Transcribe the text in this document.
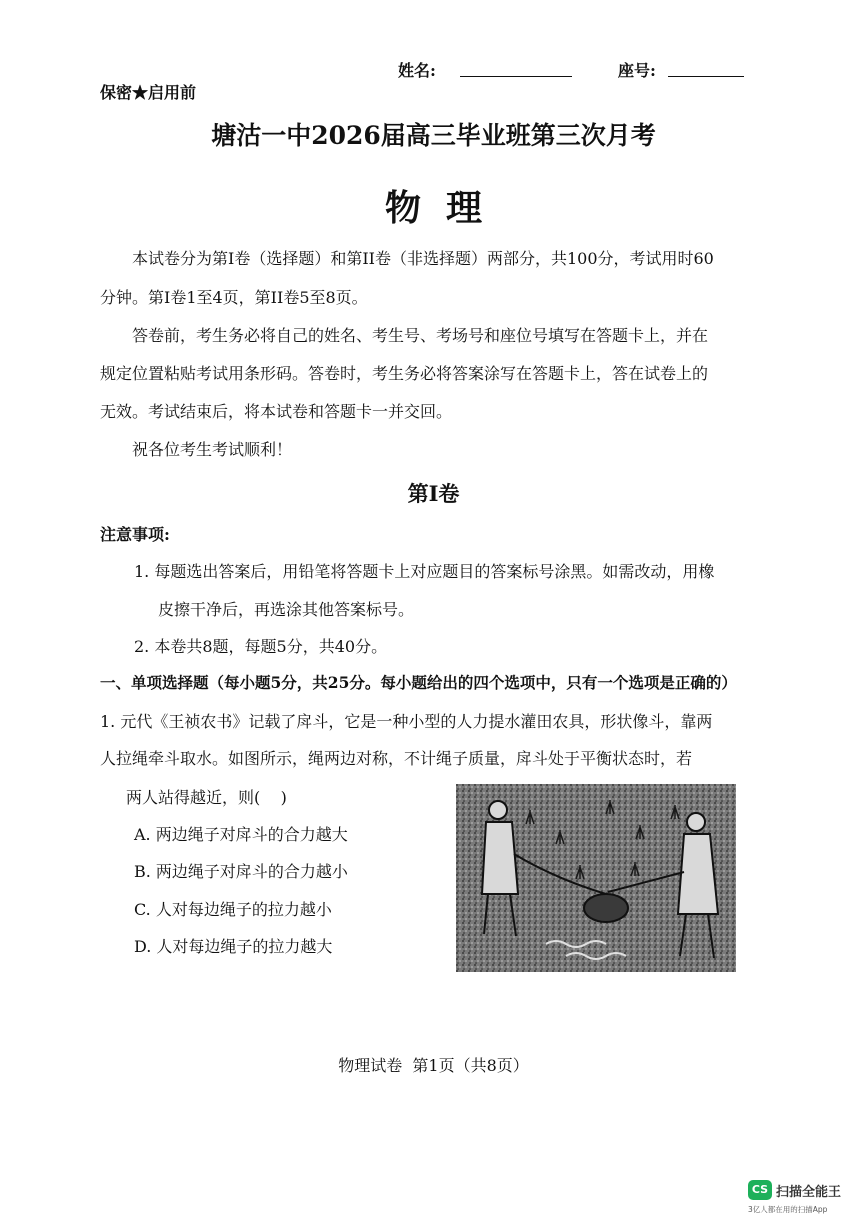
姓名:	座号:
保密★启用前
塘沽一中2026届高三毕业班第三次月考
物  理
本试卷分为第I卷（选择题）和第II卷（非选择题）两部分，共100分，考试用时60
分钟。第I卷1至4页，第II卷5至8页。
答卷前，考生务必将自己的姓名、考生号、考场号和座位号填写在答题卡上，并在
规定位置粘贴考试用条形码。答卷时，考生务必将答案涂写在答题卡上，答在试卷上的
无效。考试结束后，将本试卷和答题卡一并交回。
祝各位考生考试顺利！
第I卷
注意事项:
1. 每题选出答案后，用铅笔将答题卡上对应题目的答案标号涂黑。如需改动，用橡
皮擦干净后，再选涂其他答案标号。
2. 本卷共8题，每题5分，共40分。
一、单项选择题（每小题5分，共25分。每小题给出的四个选项中，只有一个选项是正确的）
1. 元代《王祯农书》记载了戽斗，它是一种小型的人力提水灌田农具，形状像斗，靠两
人拉绳牵斗取水。如图所示，绳两边对称，不计绳子质量，戽斗处于平衡状态时，若
两人站得越近，则(    )
A. 两边绳子对戽斗的合力越大
B. 两边绳子对戽斗的合力越小
C. 人对每边绳子的拉力越小
D. 人对每边绳子的拉力越大
物理试卷  第1页（共8页）
CS 扫描全能王
3亿人都在用的扫描App
